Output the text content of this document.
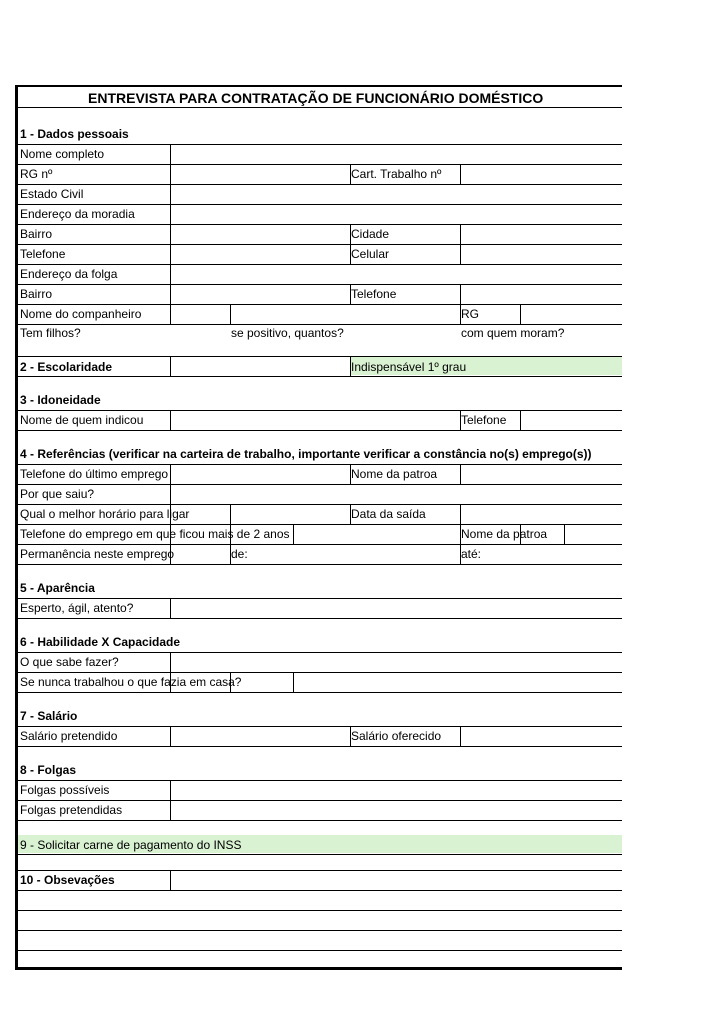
ENTREVISTA PARA CONTRATAÇÃO DE FUNCIONÁRIO DOMÉSTICO
1 - Dados pessoais
Nome completo
RG nº	Cart. Trabalho nº
Estado Civil
Endereço da moradia
Bairro	Cidade
Telefone	Celular
Endereço da folga
Bairro	Telefone
Nome do companheiro	RG
Tem filhos?	se positivo, quantos?	com quem moram?
2 - Escolaridade	Indispensável 1º grau
3 - Idoneidade
Nome de quem indicou	Telefone
4 - Referências (verificar na carteira de trabalho, importante verificar a constância no(s) emprego(s))
Telefone do último emprego	Nome da patroa
Por que saiu?
Qual o melhor horário para ligar	Data da saída
Telefone do emprego em que ficou mais de 2 anos	Nome da patroa
Permanência neste emprego	de:	até:
5 - Aparência
Esperto, ágil, atento?
6 - Habilidade X Capacidade
O que sabe fazer?
Se nunca trabalhou o que fazia em casa?
7 - Salário
Salário pretendido	Salário oferecido
8 - Folgas
Folgas possíveis
Folgas pretendidas
9 - Solicitar carne de pagamento do INSS
10 - Obsevações
